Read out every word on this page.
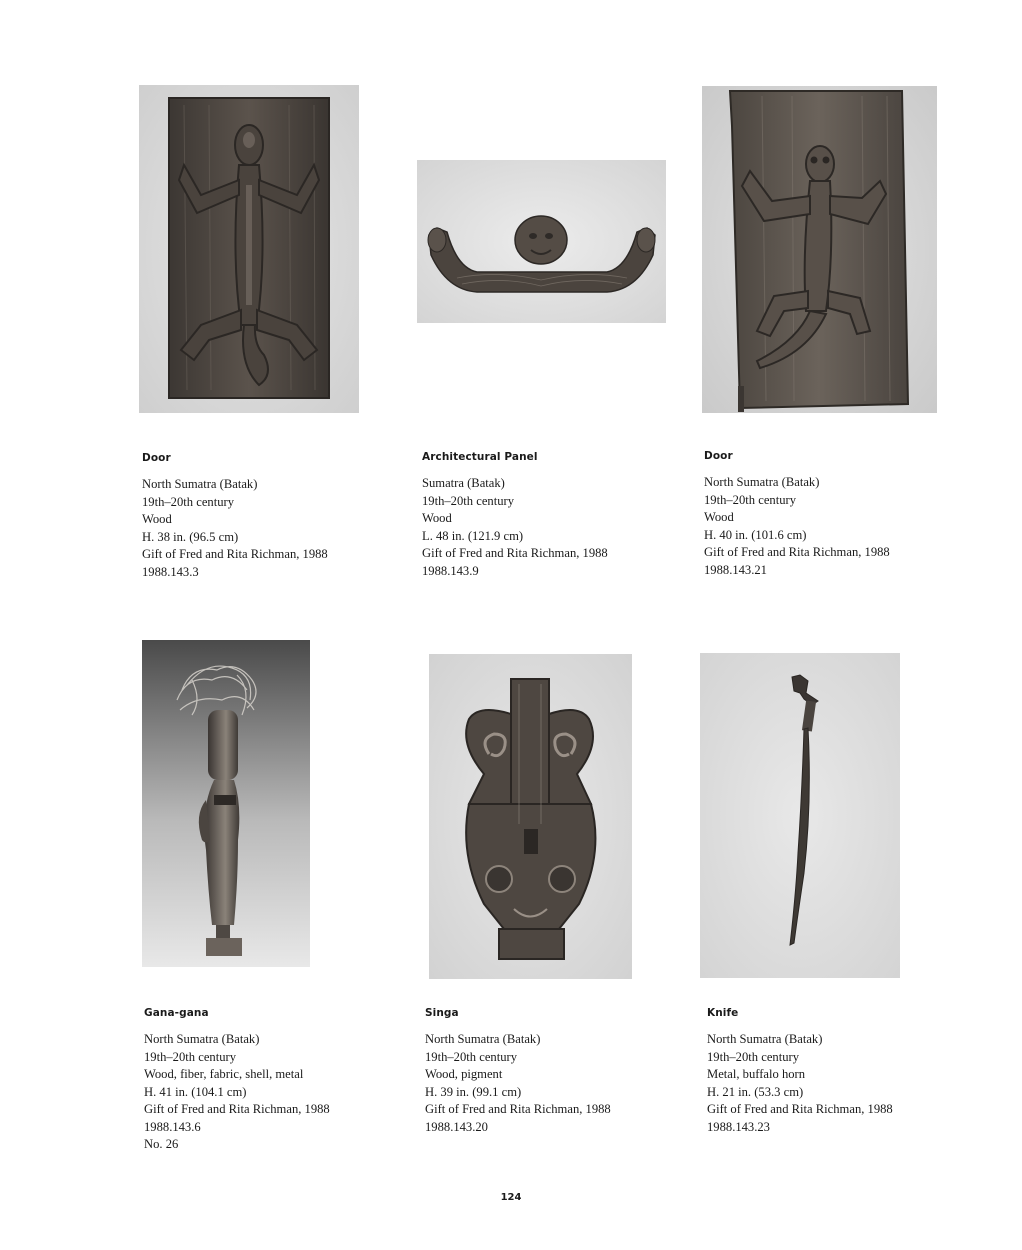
Door

North Sumatra (Batak)

19th–20th century

Wood

H. 38 in. (96.5 cm)

Gift of Fred and Rita Richman, 1988

1988.143.3

Architectural Panel

Sumatra (Batak)

19th–20th century

Wood

L. 48 in. (121.9 cm)

Gift of Fred and Rita Richman, 1988

1988.143.9

Door

North Sumatra (Batak)

19th–20th century

Wood

H. 40 in. (101.6 cm)

Gift of Fred and Rita Richman, 1988

1988.143.21

Gana-gana

North Sumatra (Batak)

19th–20th century

Wood, fiber, fabric, shell, metal

H. 41 in. (104.1 cm)

Gift of Fred and Rita Richman, 1988

1988.143.6

No. 26

Singa

North Sumatra (Batak)

19th–20th century

Wood, pigment

H. 39 in. (99.1 cm)

Gift of Fred and Rita Richman, 1988

1988.143.20

Knife

North Sumatra (Batak)

19th–20th century

Metal, buffalo horn

H. 21 in. (53.3 cm)

Gift of Fred and Rita Richman, 1988

1988.143.23

124
